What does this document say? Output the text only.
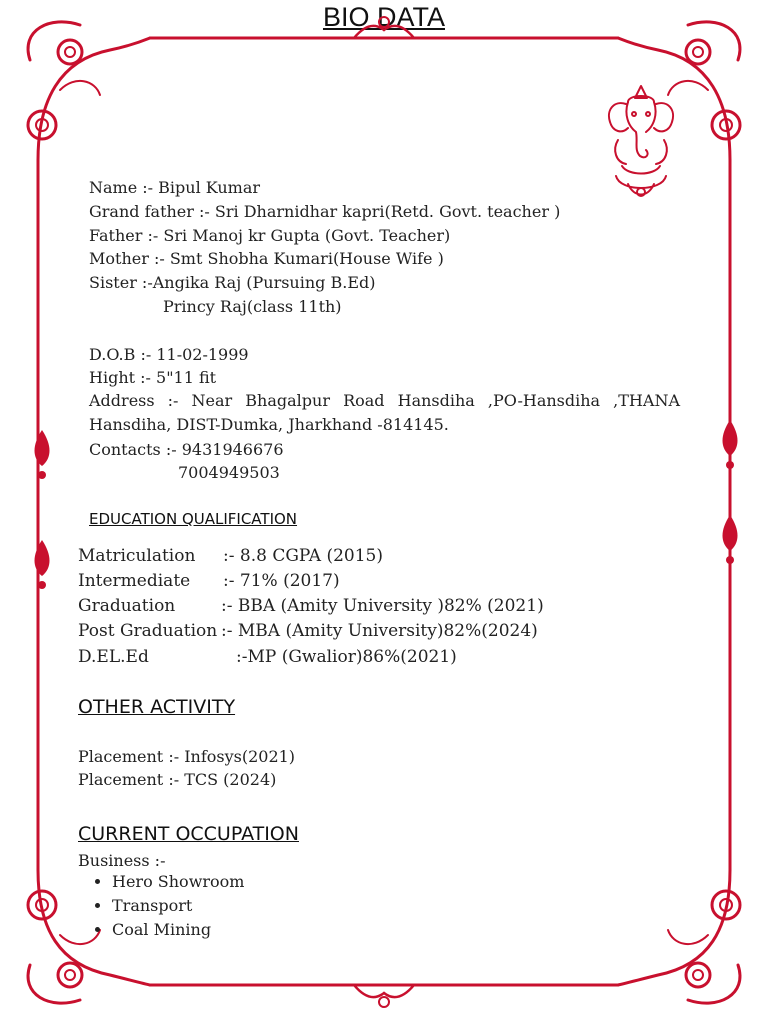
BIO DATA
Name :- Bipul Kumar
Grand father :- Sri Dharnidhar kapri(Retd. Govt. teacher )
Father :- Sri Manoj kr Gupta (Govt. Teacher)
Mother :- Smt Shobha Kumari(House Wife )
Sister :-Angika Raj (Pursuing B.Ed)
Princy Raj(class 11th)
D.O.B :- 11-02-1999
Hight :- 5"11 fit
Address :- Near Bhagalpur Road Hansdiha ,PO-Hansdiha ,THANA Hansdiha, DIST-Dumka, Jharkhand -814145.
Contacts :- 9431946676
7004949503
EDUCATION QUALIFICATION
Matriculation :- 8.8 CGPA (2015)
Intermediate :- 71% (2017)
Graduation	:- BBA (Amity University )82% (2021)
Post Graduation :- MBA (Amity University)82%(2024)
D.EL.Ed	:-MP (Gwalior)86%(2021)
OTHER ACTIVITY
Placement :- Infosys(2021)
Placement :- TCS (2024)
CURRENT OCCUPATION
Business :-
• Hero Showroom
• Transport
• Coal Mining
